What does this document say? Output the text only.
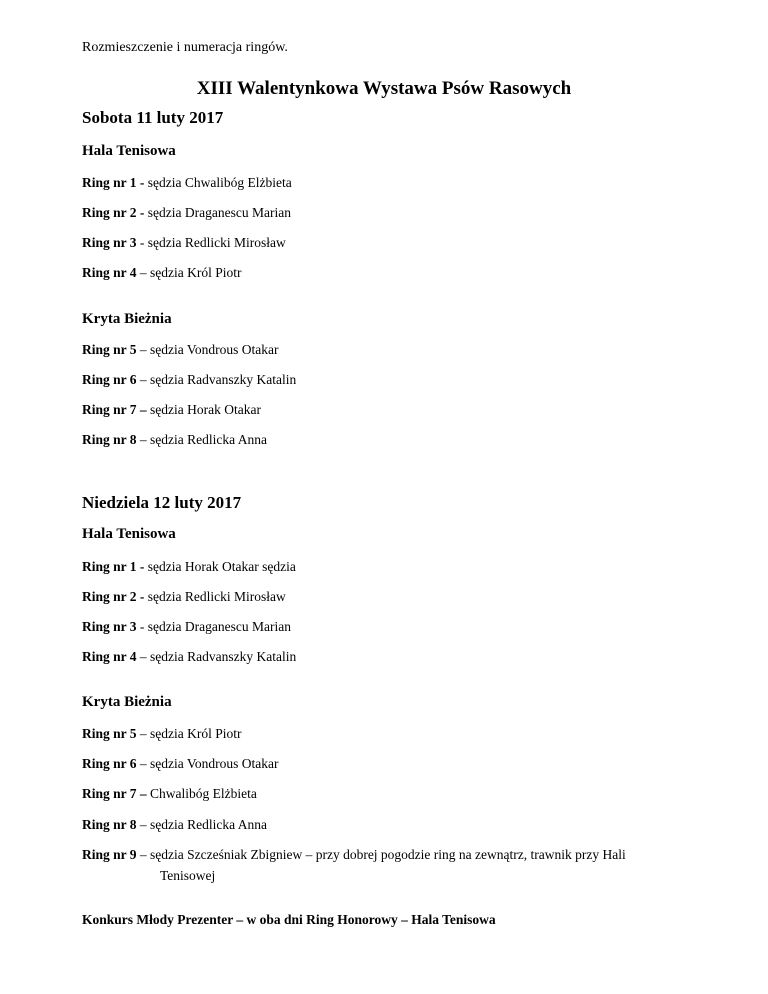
Rozmieszczenie i numeracja ringów.
XIII Walentynkowa Wystawa Psów Rasowych
Sobota 11 luty 2017
Hala Tenisowa
Ring nr 1 - sędzia Chwalibóg Elżbieta
Ring nr 2 - sędzia Draganescu Marian
Ring nr 3 - sędzia Redlicki Mirosław
Ring nr 4 – sędzia Król Piotr
Kryta Bieżnia
Ring nr 5 – sędzia Vondrous Otakar
Ring nr 6 – sędzia Radvanszky Katalin
Ring nr 7 – sędzia Horak Otakar
Ring nr 8 – sędzia Redlicka Anna
Niedziela 12 luty 2017
Hala Tenisowa
Ring nr 1 - sędzia Horak Otakar sędzia
Ring nr 2 - sędzia Redlicki Mirosław
Ring nr 3 - sędzia Draganescu Marian
Ring nr 4 – sędzia Radvanszky Katalin
Kryta Bieżnia
Ring nr 5 – sędzia Król Piotr
Ring nr 6 – sędzia Vondrous Otakar
Ring nr 7 – Chwalibóg Elżbieta
Ring nr 8 – sędzia Redlicka Anna
Ring nr 9 – sędzia Szcześniak Zbigniew – przy dobrej pogodzie ring na zewnątrz, trawnik przy Hali
Tenisowej
Konkurs Młody Prezenter – w oba dni Ring Honorowy – Hala Tenisowa
